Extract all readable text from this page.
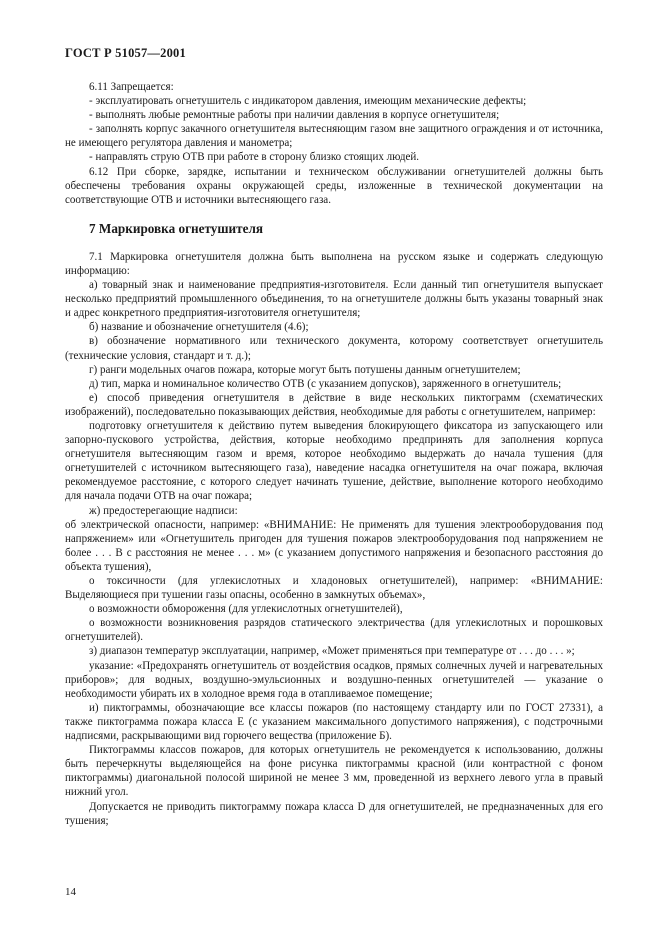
ГОСТ Р 51057—2001

6.11 Запрещается:

- эксплуатировать огнетушитель с индикатором давления, имеющим механические дефекты;

- выполнять любые ремонтные работы при наличии давления в корпусе огнетушителя;

- заполнять корпус закачного огнетушителя вытесняющим газом вне защитного ограждения и от источника, не имеющего регулятора давления и манометра;

- направлять струю ОТВ при работе в сторону близко стоящих людей.

6.12 При сборке, зарядке, испытании и техническом обслуживании огнетушителей должны быть обеспечены требования охраны окружающей среды, изложенные в технической документации на соответствующие ОТВ и источники вытесняющего газа.

7 Маркировка огнетушителя

7.1 Маркировка огнетушителя должна быть выполнена на русском языке и содержать следующую информацию:

а) товарный знак и наименование предприятия-изготовителя. Если данный тип огнетушителя выпускает несколько предприятий промышленного объединения, то на огнетушителе должны быть указаны товарный знак и адрес конкретного предприятия-изготовителя огнетушителя;

б) название и обозначение огнетушителя (4.6);

в) обозначение нормативного или технического документа, которому соответствует огнетушитель (технические условия, стандарт и т. д.);

г) ранги модельных очагов пожара, которые могут быть потушены данным огнетушителем;

д) тип, марка и номинальное количество ОТВ (с указанием допусков), заряженного в огнетушитель;

е) способ приведения огнетушителя в действие в виде нескольких пиктограмм (схематических изображений), последовательно показывающих действия, необходимые для работы с огнетушителем, например:

подготовку огнетушителя к действию путем выведения блокирующего фиксатора из запускающего или запорно-пускового устройства, действия, которые необходимо предпринять для заполнения корпуса огнетушителя вытесняющим газом и время, которое необходимо выдержать до начала тушения (для огнетушителей с источником вытесняющего газа), наведение насадка огнетушителя на очаг пожара, включая рекомендуемое расстояние, с которого следует начинать тушение, действие, выполнение которого необходимо для начала подачи ОТВ на очаг пожара;

ж) предостерегающие надписи:

об электрической опасности, например: «ВНИМАНИЕ: Не применять для тушения электрооборудования под напряжением» или «Огнетушитель пригоден для тушения пожаров электрооборудования под напряжением не более . . . В с расстояния не менее . . . м» (с указанием допустимого напряжения и безопасного расстояния до объекта тушения),

о токсичности (для углекислотных и хладоновых огнетушителей), например: «ВНИМАНИЕ: Выделяющиеся при тушении газы опасны, особенно в замкнутых объемах»,

о возможности обмороження (для углекислотных огнетушителей),

о возможности возникновения разрядов статического электричества (для углекислотных и порошковых огнетушителей).

з) диапазон температур эксплуатации, например, «Может применяться при температуре от . . . до . . . »;

указание: «Предохранять огнетушитель от воздействия осадков, прямых солнечных лучей и нагревательных приборов»; для водных, воздушно-эмульсионных и воздушно-пенных огнетушителей — указание о необходимости убирать их в холодное время года в отапливаемое помещение;

и) пиктограммы, обозначающие все классы пожаров (по настоящему стандарту или по ГОСТ 27331), а также пиктограмма пожара класса Е (с указанием максимального допустимого напряжения), с подстрочными надписями, раскрывающими вид горючего вещества (приложение Б).

Пиктограммы классов пожаров, для которых огнетушитель не рекомендуется к использованию, должны быть перечеркнуты выделяющейся на фоне рисунка пиктограммы красной (или контрастной с фоном пиктограммы) диагональной полосой шириной не менее 3 мм, проведенной из верхнего левого угла в правый нижний угол.

Допускается не приводить пиктограмму пожара класса D для огнетушителей, не предназначенных для его тушения;

14
